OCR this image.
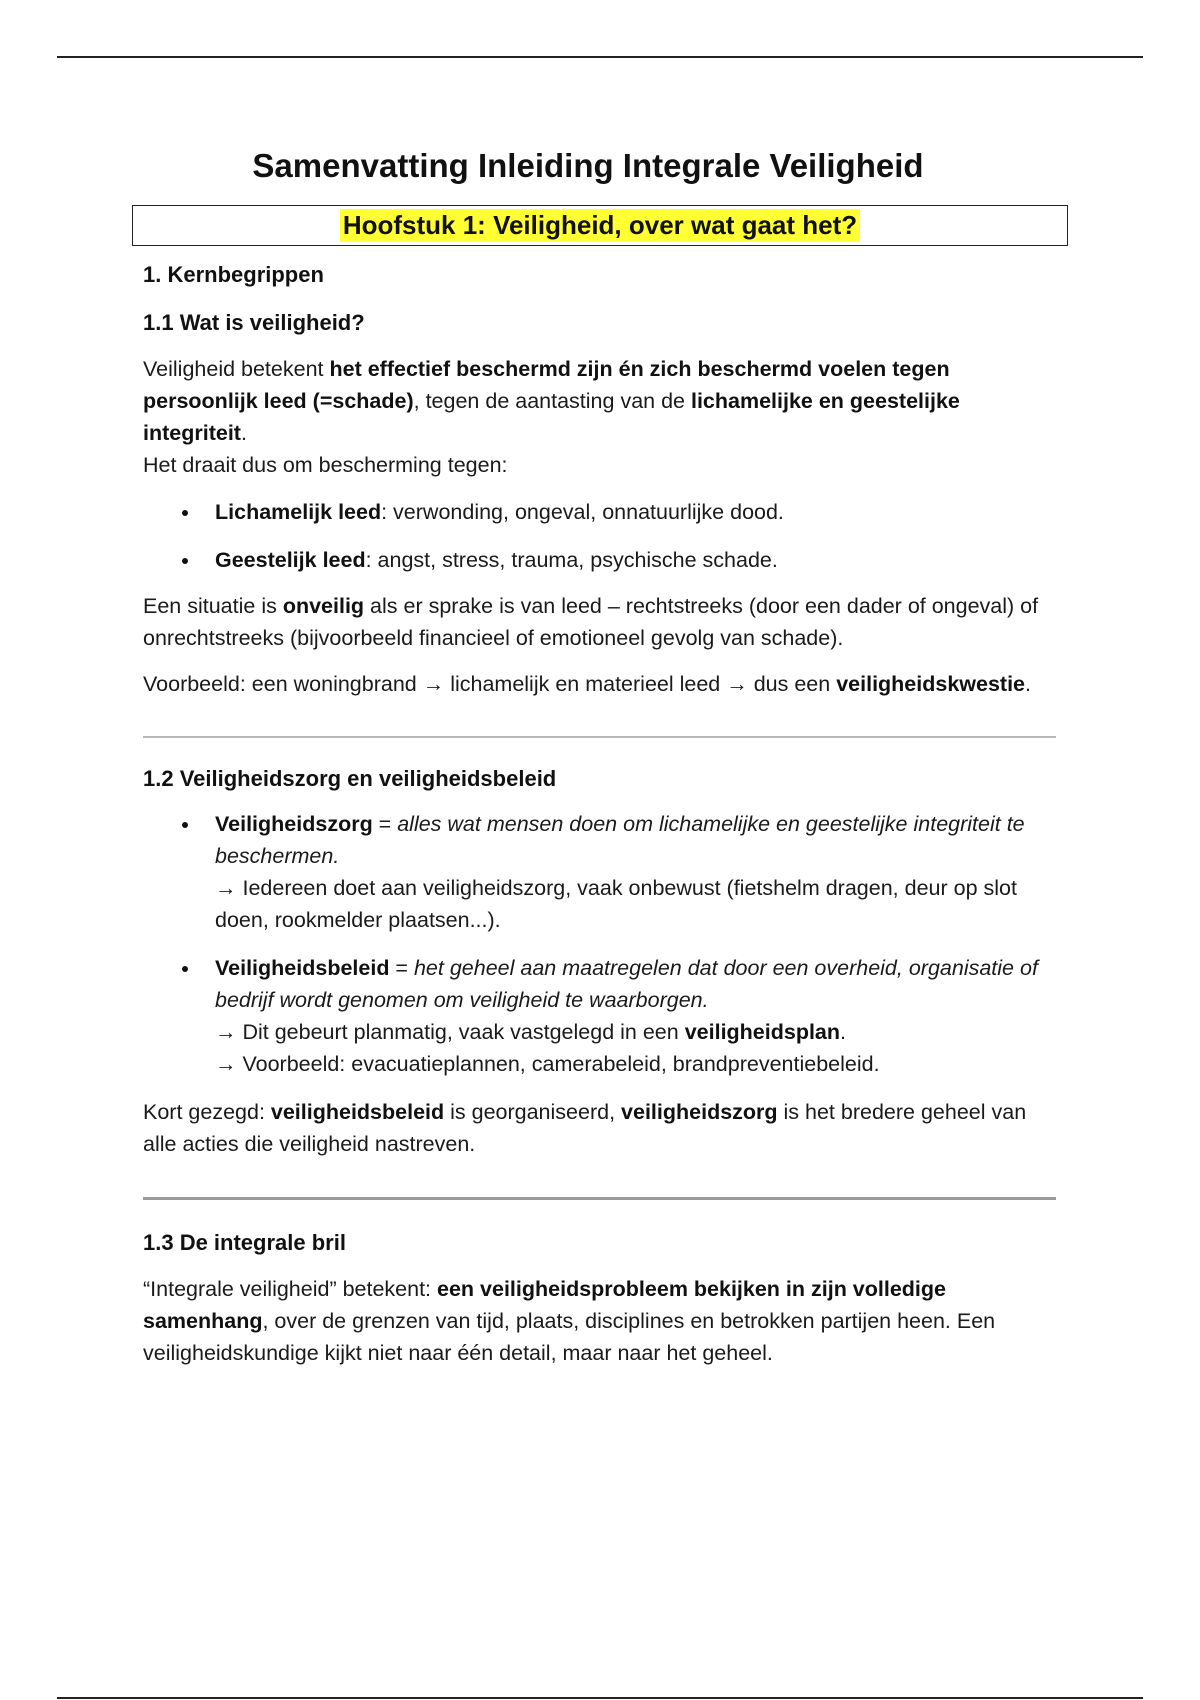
Samenvatting Inleiding Integrale Veiligheid
Hoofstuk 1: Veiligheid, over wat gaat het?
1. Kernbegrippen
1.1 Wat is veiligheid?

Veiligheid betekent het effectief beschermd zijn én zich beschermd voelen tegen persoonlijk leed (=schade), tegen de aantasting van de lichamelijke en geestelijke integriteit.
Het draait dus om bescherming tegen:

Lichamelijk leed: verwonding, ongeval, onnatuurlijke dood.
Geestelijk leed: angst, stress, trauma, psychische schade.

Een situatie is onveilig als er sprake is van leed – rechtstreeks (door een dader of ongeval) of onrechtstreeks (bijvoorbeeld financieel of emotioneel gevolg van schade).

Voorbeeld: een woningbrand → lichamelijk en materieel leed → dus een veiligheidskwestie.

1.2 Veiligheidszorg en veiligheidsbeleid
Veiligheidszorg = alles wat mensen doen om lichamelijke en geestelijke integriteit te beschermen.
→ Iedereen doet aan veiligheidszorg, vaak onbewust (fietshelm dragen, deur op slot doen, rookmelder plaatsen...).
Veiligheidsbeleid = het geheel aan maatregelen dat door een overheid, organisatie of bedrijf wordt genomen om veiligheid te waarborgen.
→ Dit gebeurt planmatig, vaak vastgelegd in een veiligheidsplan.
→ Voorbeeld: evacuatieplannen, camerabeleid, brandpreventiebeleid.

Kort gezegd: veiligheidsbeleid is georganiseerd, veiligheidszorg is het bredere geheel van alle acties die veiligheid nastreven.

1.3 De integrale bril

“Integrale veiligheid” betekent: een veiligheidsprobleem bekijken in zijn volledige samenhang, over de grenzen van tijd, plaats, disciplines en betrokken partijen heen. Een veiligheidskundige kijkt niet naar één detail, maar naar het geheel.
